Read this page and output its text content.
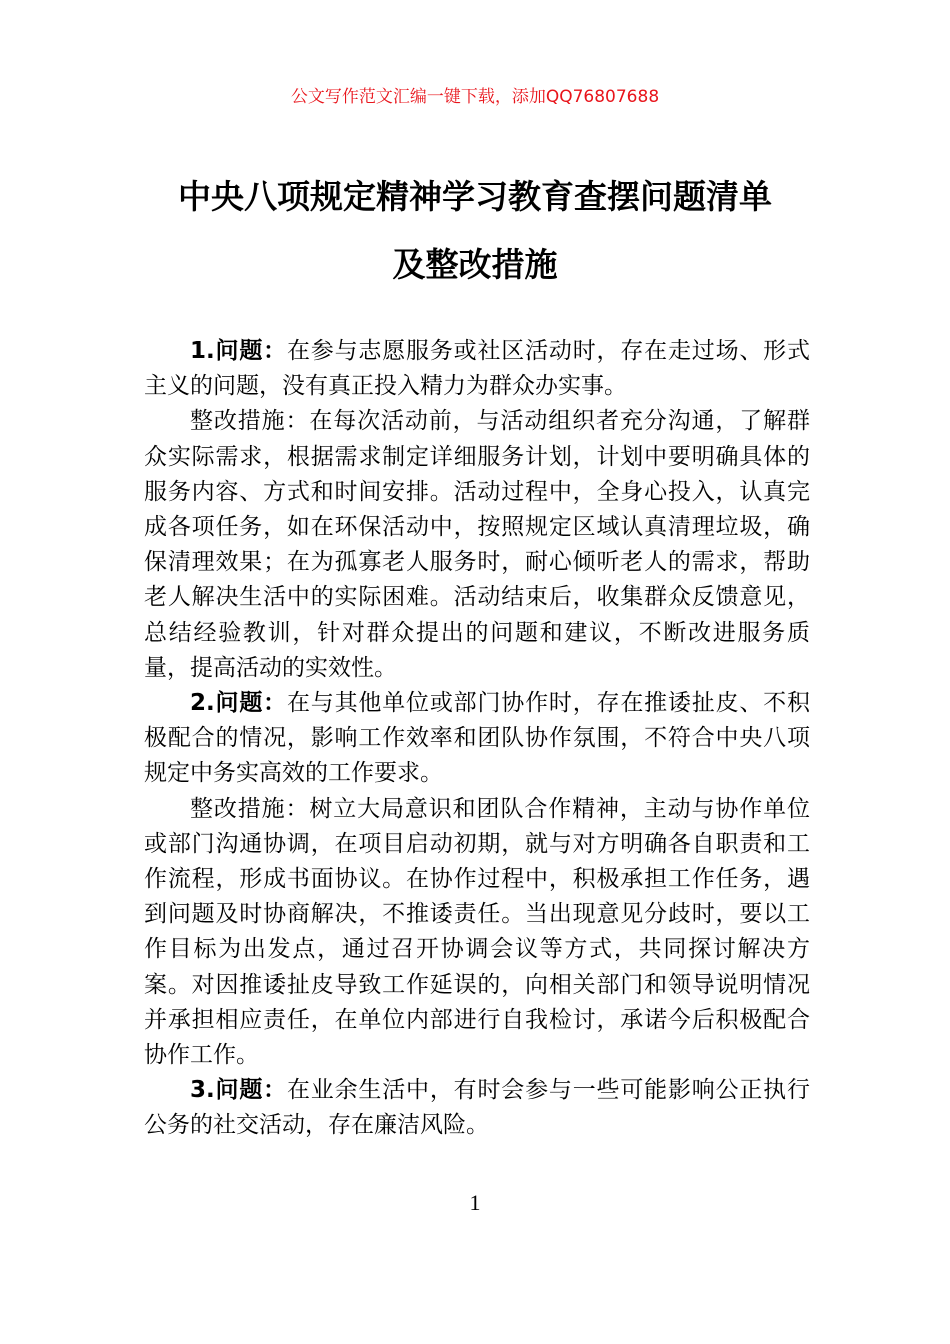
公文写作范文汇编一键下载，添加QQ76807688
中央八项规定精神学习教育查摆问题清单
及整改措施

1.问题：在参与志愿服务或社区活动时，存在走过场、形式主义的问题，没有真正投入精力为群众办实事。

整改措施：在每次活动前，与活动组织者充分沟通，了解群众实际需求，根据需求制定详细服务计划，计划中要明确具体的服务内容、方式和时间安排。活动过程中，全身心投入，认真完成各项任务，如在环保活动中，按照规定区域认真清理垃圾，确保清理效果；在为孤寡老人服务时，耐心倾听老人的需求，帮助老人解决生活中的实际困难。活动结束后，收集群众反馈意见，总结经验教训，针对群众提出的问题和建议，不断改进服务质量，提高活动的实效性。

2.问题：在与其他单位或部门协作时，存在推诿扯皮、不积极配合的情况，影响工作效率和团队协作氛围，不符合中央八项规定中务实高效的工作要求。

整改措施：树立大局意识和团队合作精神，主动与协作单位或部门沟通协调，在项目启动初期，就与对方明确各自职责和工作流程，形成书面协议。在协作过程中，积极承担工作任务，遇到问题及时协商解决，不推诿责任。当出现意见分歧时，要以工作目标为出发点，通过召开协调会议等方式，共同探讨解决方案。对因推诿扯皮导致工作延误的，向相关部门和领导说明情况并承担相应责任，在单位内部进行自我检讨，承诺今后积极配合协作工作。

3.问题：在业余生活中，有时会参与一些可能影响公正执行公务的社交活动，存在廉洁风险。

1
